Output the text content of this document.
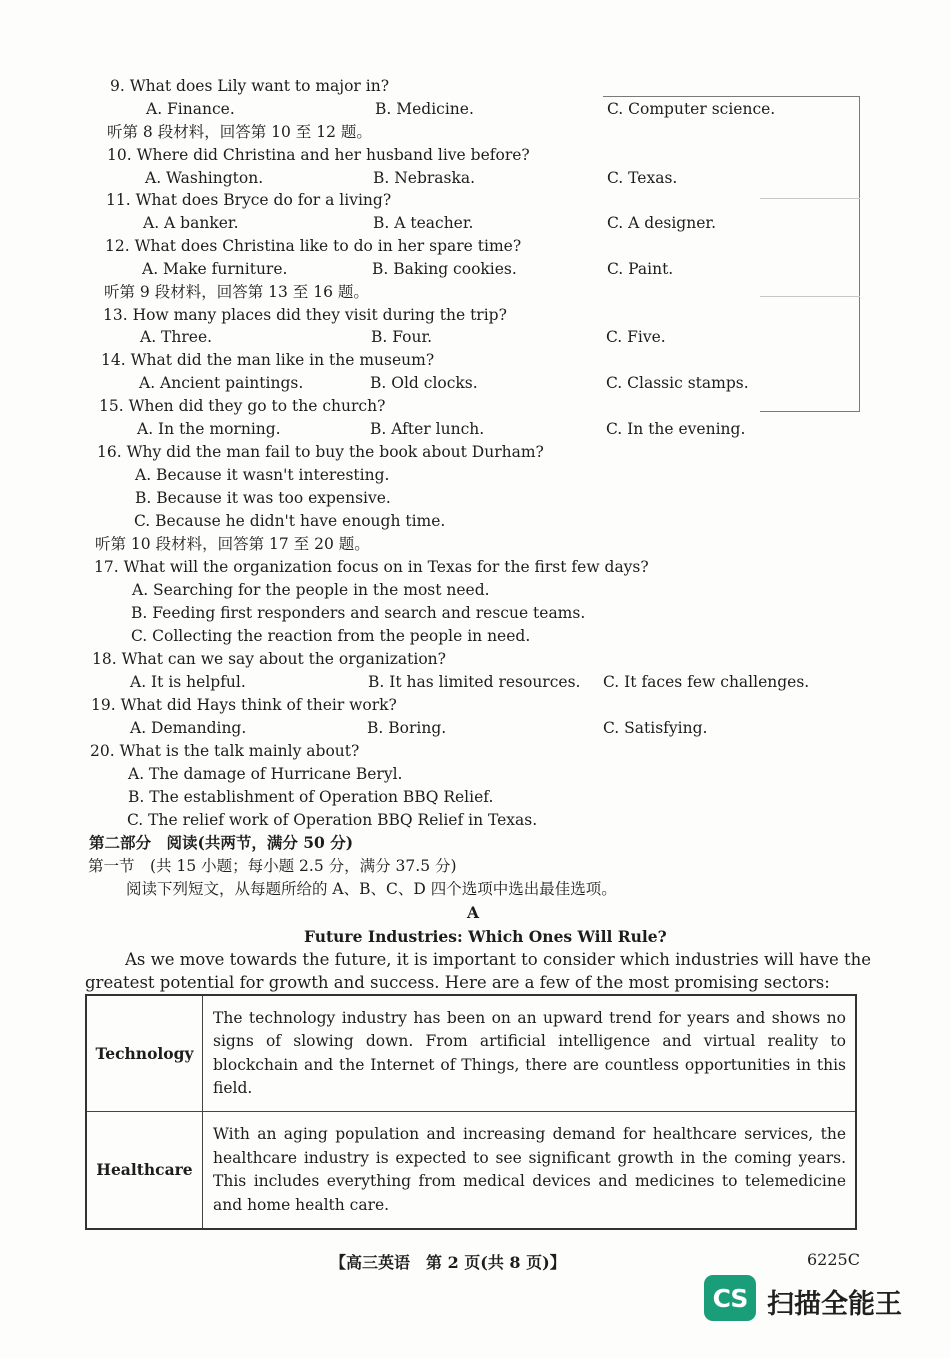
9. What does Lily want to major in?
A. Finance.	B. Medicine.	C. Computer science.
听第 8 段材料，回答第 10 至 12 题。
10. Where did Christina and her husband live before?
A. Washington.	B. Nebraska.	C. Texas.
11. What does Bryce do for a living?
A. A banker.	B. A teacher.	C. A designer.
12. What does Christina like to do in her spare time?
A. Make furniture.	B. Baking cookies.	C. Paint.
听第 9 段材料，回答第 13 至 16 题。
13. How many places did they visit during the trip?
A. Three.	B. Four.	C. Five.
14. What did the man like in the museum?
A. Ancient paintings.	B. Old clocks.	C. Classic stamps.
15. When did they go to the church?
A. In the morning.	B. After lunch.	C. In the evening.
16. Why did the man fail to buy the book about Durham?
A. Because it wasn't interesting.
B. Because it was too expensive.
C. Because he didn't have enough time.
听第 10 段材料，回答第 17 至 20 题。
17. What will the organization focus on in Texas for the first few days?
A. Searching for the people in the most need.
B. Feeding first responders and search and rescue teams.
C. Collecting the reaction from the people in need.
18. What can we say about the organization?
A. It is helpful.	B. It has limited resources. C. It faces few challenges.
19. What did Hays think of their work?
A. Demanding.	B. Boring.	C. Satisfying.
20. What is the talk mainly about?
A. The damage of Hurricane Beryl.
B. The establishment of Operation BBQ Relief.
C. The relief work of Operation BBQ Relief in Texas.
第二部分　阅读(共两节，满分 50 分)
第一节　(共 15 小题；每小题 2.5 分，满分 37.5 分)
阅读下列短文，从每题所给的 A、B、C、D 四个选项中选出最佳选项。
A
Future Industries: Which Ones Will Rule?
As we move towards the future, it is important to consider which industries will have the
greatest potential for growth and success. Here are a few of the most promising sectors:
Technology	The technology industry has been on an upward trend for years and shows no signs of slowing down. From artificial intelligence and virtual reality to blockchain and the Internet of Things, there are countless opportunities in this field.
Healthcare	With an aging population and increasing demand for healthcare services, the healthcare industry is expected to see significant growth in the coming years. This includes everything from medical devices and medicines to telemedicine and home health care.
【高三英语　第 2 页(共 8 页)】	6225C
CS 扫描全能王
